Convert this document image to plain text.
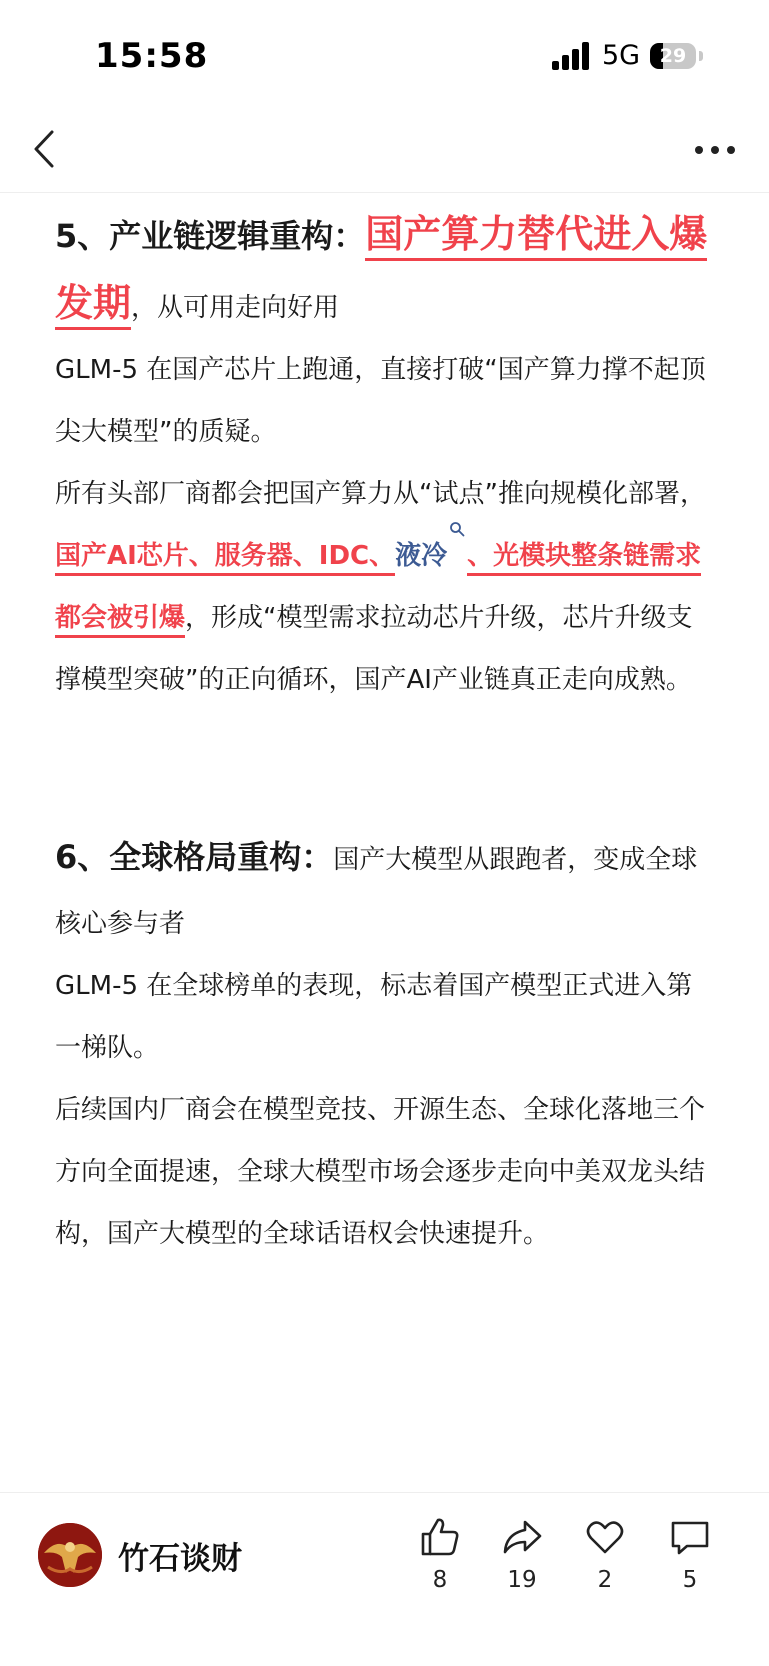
15:58	5G	29

5、产业链逻辑重构：国产算力替代进入爆发期，从可用走向好用

GLM-5 在国产芯片上跑通，直接打破“国产算力撑不起顶尖大模型”的质疑。

所有头部厂商都会把国产算力从“试点”推向规模化部署，国产AI芯片、服务器、IDC、液冷 、光模块整条链需求都会被引爆，形成“模型需求拉动芯片升级，芯片升级支撑模型突破”的正向循环，国产AI产业链真正走向成熟。

6、全球格局重构：国产大模型从跟跑者，变成全球核心参与者

GLM-5 在全球榜单的表现，标志着国产模型正式进入第一梯队。

后续国内厂商会在模型竞技、开源生态、全球化落地三个方向全面提速，全球大模型市场会逐步走向中美双龙头结构，国产大模型的全球话语权会快速提升。

竹石谈财
8	19	2	5
